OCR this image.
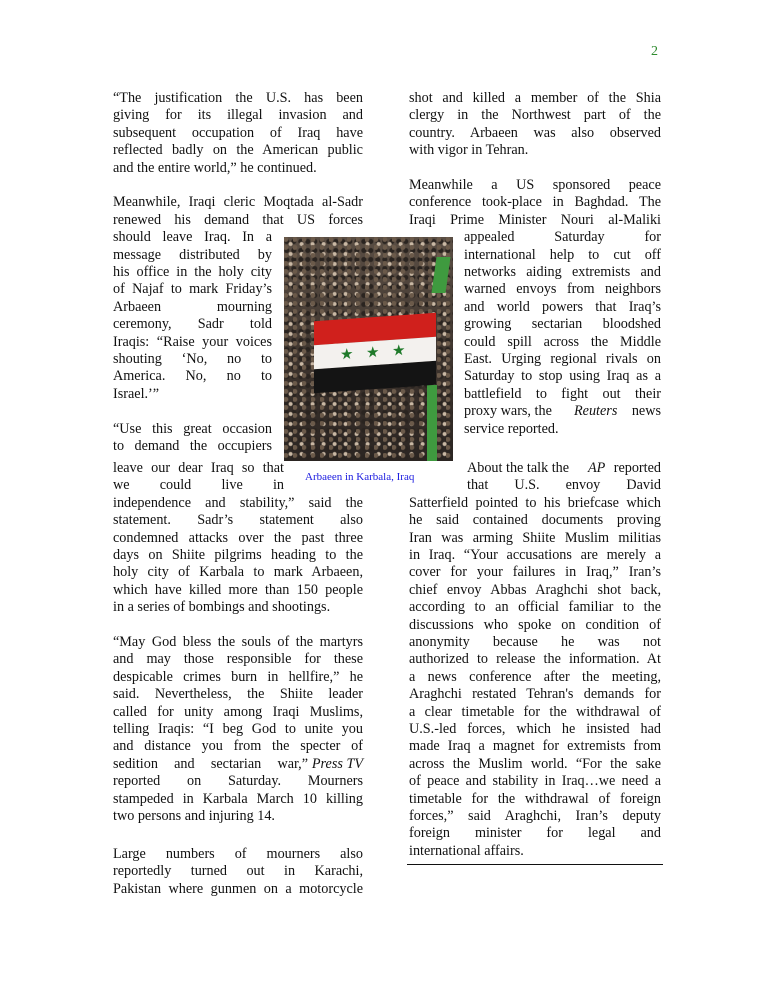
2
“The justification the U.S. has been
giving for its illegal invasion and
subsequent occupation of Iraq have
reflected badly on the American public
and the entire world,” he continued.
Meanwhile, Iraqi cleric Moqtada al-Sadr
renewed his demand that US forces
should leave Iraq. In a
message distributed by
his office in the holy city
of Najaf to mark Friday’s
Arbaeen mourning
ceremony, Sadr told
Iraqis: “Raise your voices
shouting ‘No, no to
America. No, no to
Israel.’”
“Use this great occasion
to demand the occupiers
leave our dear Iraq so that
we could live in
independence and stability,” said the
statement. Sadr’s statement also
condemned attacks over the past three
days on Shiite pilgrims heading to the
holy city of Karbala to mark Arbaeen,
which have killed more than 150 people
in a series of bombings and shootings.
“May God bless the souls of the martyrs
and may those responsible for these
despicable crimes burn in hellfire,” he
said. Nevertheless, the Shiite leader
called for unity among Iraqi Muslims,
telling Iraqis: “I beg God to unite you
and distance you from the specter of
sedition and sectarian war,” Press TV
reported on Saturday. Mourners
stampeded in Karbala March 10 killing
two persons and injuring 14.
Large numbers of mourners also
reportedly turned out in Karachi,
Pakistan where gunmen on a motorcycle
★ ★ ★
Arbaeen in Karbala, Iraq
shot and killed a member of the Shia
clergy in the Northwest part of the
country. Arbaeen was also observed
with vigor in Tehran.
Meanwhile a US sponsored peace
conference took-place in Baghdad. The
Iraqi Prime Minister Nouri al-Maliki
appealed Saturday for
international help to cut off
networks aiding extremists and
warned envoys from neighbors
and world powers that Iraq’s
growing sectarian bloodshed
could spill across the Middle
East. Urging regional rivals on
Saturday to stop using Iraq as a
battlefield to fight out their
proxy wars, the	Reuters	news
service reported.
About the talk the	AP reported
that U.S. envoy David
Satterfield pointed to his briefcase which
he said contained documents proving
Iran was arming Shiite Muslim militias
in Iraq. “Your accusations are merely a
cover for your failures in Iraq,” Iran’s
chief envoy Abbas Araghchi shot back,
according to an official familiar to the
discussions who spoke on condition of
anonymity because he was not
authorized to release the information. At
a news conference after the meeting,
Araghchi restated Tehran's demands for
a clear timetable for the withdrawal of
U.S.-led forces, which he insisted had
made Iraq a magnet for extremists from
across the Muslim world. “For the sake
of peace and stability in Iraq…we need a
timetable for the withdrawal of foreign
forces,” said Araghchi, Iran’s deputy
foreign minister for legal and
international affairs.
